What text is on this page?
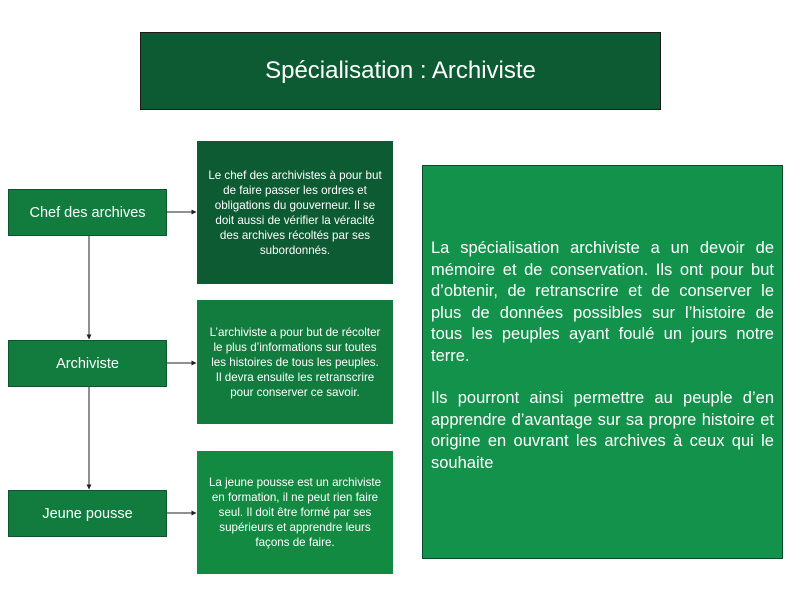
Spécialisation : Archiviste
Chef des archives
Archiviste
Jeune pousse
Le chef des archivistes à pour but de faire passer les ordres et obligations du gouverneur. Il se doit aussi de vérifier la véracité des archives récoltés par ses subordonnés.
L’archiviste a pour but de récolter le plus d’informations sur toutes les histoires de tous les peuples. Il devra ensuite les retranscrire pour conserver ce savoir.
La jeune pousse est un archiviste en formation, il ne peut rien faire seul. Il doit être formé par ses supérieurs et apprendre leurs façons de faire.

La spécialisation archiviste a un devoir de mémoire et de conservation. Ils ont pour but d’obtenir, de retranscrire et de conserver le plus de données possibles sur l’histoire de tous les peuples ayant foulé un jours notre terre.

Ils pourront ainsi permettre au peuple d’en apprendre d’avantage sur sa propre histoire et origine en ouvrant les archives à ceux qui le souhaite
